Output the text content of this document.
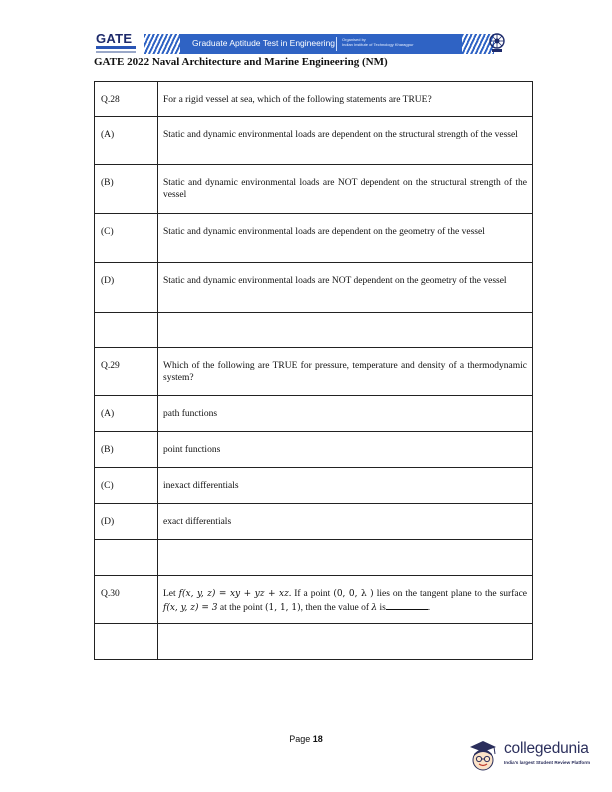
GATE	Graduate Aptitude Test in Engineering Organised by
Indian Institute of Technology Kharagpur
GATE 2022 Naval Architecture and Marine Engineering (NM)
Q.28	For a rigid vessel at sea, which of the following statements are TRUE?
(A)	Static and dynamic environmental loads are dependent on the structural strength of the vessel
(B)	Static and dynamic environmental loads are NOT dependent on the structural strength of the vessel
(C)	Static and dynamic environmental loads are dependent on the geometry of the vessel
(D)	Static and dynamic environmental loads are NOT dependent on the geometry of the vessel

Q.29	Which of the following are TRUE for pressure, temperature and density of a thermodynamic system?
(A)	path functions
(B)	point functions
(C)	inexact differentials
(D)	exact differentials

Q.30	Let f(x, y, z) = xy + yz + xz. If a point (0, 0, λ ) lies on the tangent plane to the surface f(x, y, z) = 3 at the point (1, 1, 1), then the value of λ is .

Page 18
collegedunia
India's largest Student Review Platform
